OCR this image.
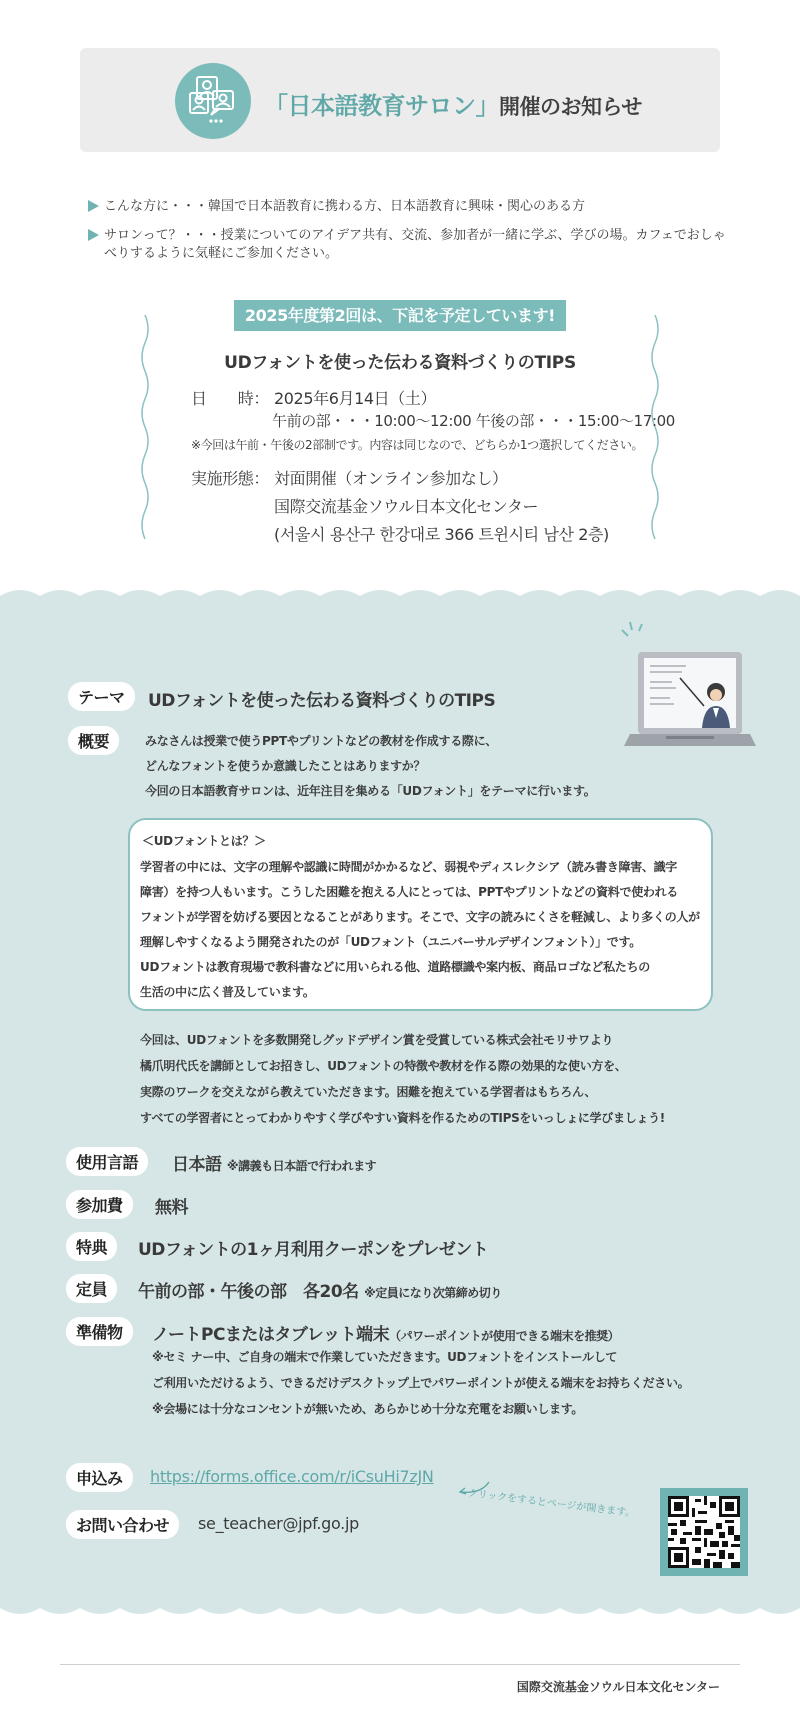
「日本語教育サロン」開催のお知らせ
こんな方に・・・韓国で日本語教育に携わる方、日本語教育に興味・関心のある方
サロンって？・・・授業についてのアイデア共有、交流、参加者が一緒に学ぶ、学びの場。カフェでおしゃべりするように気軽にご参加ください。
2025年度第2回は、下記を予定しています!
UDフォントを使った伝わる資料づくりのTIPS
日　　時： 2025年6月14日（土）
午前の部・・・10:00〜12:00 午後の部・・・15:00〜17:00
※今回は午前・午後の2部制です。内容は同じなので、どちらか1つ選択してください。
実施形態： 対面開催（オンライン参加なし）
国際交流基金ソウル日本文化センター
(서울시 용산구 한강대로 366 트윈시티 남산 2층)
テーマ	UDフォントを使った伝わる資料づくりのTIPS
概要	みなさんは授業で使うPPTやプリントなどの教材を作成する際に、
どんなフォントを使うか意識したことはありますか？
今回の日本語教育サロンは、近年注目を集める「UDフォント」をテーマに行います。
＜UDフォントとは？＞
学習者の中には、文字の理解や認識に時間がかかるなど、弱視やディスレクシア（読み書き障害、識字
障害）を持つ人もいます。こうした困難を抱える人にとっては、PPTやプリントなどの資料で使われる
フォントが学習を妨げる要因となることがあります。そこで、文字の読みにくさを軽減し、より多くの人が
理解しやすくなるよう開発されたのが「UDフォント（ユニバーサルデザインフォント）」です。
UDフォントは教育現場で教科書などに用いられる他、道路標識や案内板、商品ロゴなど私たちの
生活の中に広く普及しています。
今回は、UDフォントを多数開発しグッドデザイン賞を受賞している株式会社モリサワより
橘爪明代氏を講師としてお招きし、UDフォントの特徴や教材を作る際の効果的な使い方を、
実際のワークを交えながら教えていただきます。困難を抱えている学習者はもちろん、
すべての学習者にとってわかりやすく学びやすい資料を作るためのTIPSをいっしょに学びましょう!
使用言語	日本語 ※講義も日本語で行われます
参加費	無料
特典	UDフォントの1ヶ月利用クーポンをプレゼント
定員	午前の部・午後の部　各20名 ※定員になり次第締め切り
準備物	ノートPCまたはタブレット端末（パワーポイントが使用できる端末を推奨）
※セミ ナー中、ご自身の端末で作業していただきます。UDフォントをインストールして
ご利用いただけるよう、できるだけデスクトップ上でパワーポイントが使える端末をお持ちください。
※会場には十分なコンセントが無いため、あらかじめ十分な充電をお願いします。
申込み	https://forms.office.com/r/iCsuHi7zJN
クリックをするとページが開きます。
お問い合わせ	se_teacher@jpf.go.jp
国際交流基金ソウル日本文化センター
